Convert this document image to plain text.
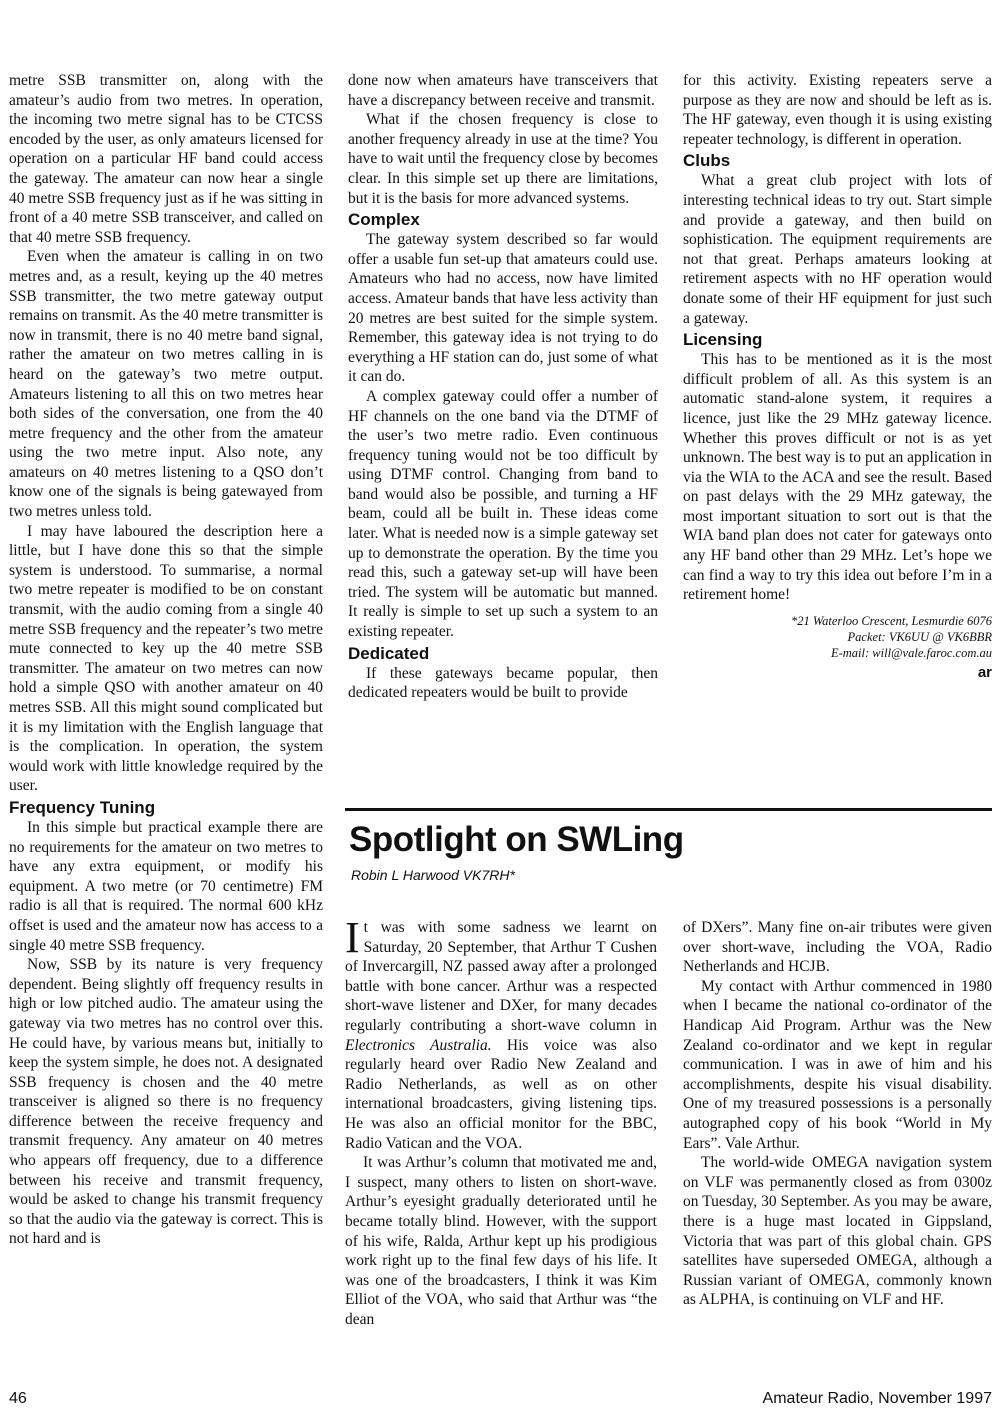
metre SSB transmitter on, along with the amateur’s audio from two metres. In operation, the incoming two metre signal has to be CTCSS encoded by the user, as only amateurs licensed for operation on a particular HF band could access the gateway. The amateur can now hear a single 40 metre SSB frequency just as if he was sitting in front of a 40 metre SSB transceiver, and called on that 40 metre SSB frequency.

Even when the amateur is calling in on two metres and, as a result, keying up the 40 metres SSB transmitter, the two metre gateway output remains on transmit. As the 40 metre transmitter is now in transmit, there is no 40 metre band signal, rather the amateur on two metres calling in is heard on the gateway’s two metre output. Amateurs listening to all this on two metres hear both sides of the conversation, one from the 40 metre frequency and the other from the amateur using the two metre input. Also note, any amateurs on 40 metres listening to a QSO don’t know one of the signals is being gatewayed from two metres unless told.

I may have laboured the description here a little, but I have done this so that the simple system is understood. To summarise, a normal two metre repeater is modified to be on constant transmit, with the audio coming from a single 40 metre SSB frequency and the repeater’s two metre mute connected to key up the 40 metre SSB transmitter. The amateur on two metres can now hold a simple QSO with another amateur on 40 metres SSB. All this might sound complicated but it is my limitation with the English language that is the complication. In operation, the system would work with little knowledge required by the user.

Frequency Tuning

In this simple but practical example there are no requirements for the amateur on two metres to have any extra equipment, or modify his equipment. A two metre (or 70 centimetre) FM radio is all that is required. The normal 600 kHz offset is used and the amateur now has access to a single 40 metre SSB frequency.

Now, SSB by its nature is very frequency dependent. Being slightly off frequency results in high or low pitched audio. The amateur using the gateway via two metres has no control over this. He could have, by various means but, initially to keep the system simple, he does not. A designated SSB frequency is chosen and the 40 metre transceiver is aligned so there is no frequency difference between the receive frequency and transmit frequency. Any amateur on 40 metres who appears off frequency, due to a difference between his receive and transmit frequency, would be asked to change his transmit frequency so that the audio via the gateway is correct. This is not hard and is

done now when amateurs have transceivers that have a discrepancy between receive and transmit.

What if the chosen frequency is close to another frequency already in use at the time? You have to wait until the frequency close by becomes clear. In this simple set up there are limitations, but it is the basis for more advanced systems.

Complex

The gateway system described so far would offer a usable fun set-up that amateurs could use. Amateurs who had no access, now have limited access. Amateur bands that have less activity than 20 metres are best suited for the simple system. Remember, this gateway idea is not trying to do everything a HF station can do, just some of what it can do.

A complex gateway could offer a number of HF channels on the one band via the DTMF of the user’s two metre radio. Even continuous frequency tuning would not be too difficult by using DTMF control. Changing from band to band would also be possible, and turning a HF beam, could all be built in. These ideas come later. What is needed now is a simple gateway set up to demonstrate the operation. By the time you read this, such a gateway set-up will have been tried. The system will be automatic but manned. It really is simple to set up such a system to an existing repeater.

Dedicated

If these gateways became popular, then dedicated repeaters would be built to provide

for this activity. Existing repeaters serve a purpose as they are now and should be left as is. The HF gateway, even though it is using existing repeater technology, is different in operation.

Clubs

What a great club project with lots of interesting technical ideas to try out. Start simple and provide a gateway, and then build on sophistication. The equipment requirements are not that great. Perhaps amateurs looking at retirement aspects with no HF operation would donate some of their HF equipment for just such a gateway.

Licensing

This has to be mentioned as it is the most difficult problem of all. As this system is an automatic stand-alone system, it requires a licence, just like the 29 MHz gateway licence. Whether this proves difficult or not is as yet unknown. The best way is to put an application in via the WIA to the ACA and see the result. Based on past delays with the 29 MHz gateway, the most important situation to sort out is that the WIA band plan does not cater for gateways onto any HF band other than 29 MHz. Let’s hope we can find a way to try this ideа out before I’m in a retirement home!

*21 Waterloo Crescent, Lesmurdie 6076
Packet: VK6UU @ VK6BBR
E-mail: will@vale.faroc.com.au
ar
Spotlight on SWLing
Robin L Harwood VK7RH*

It was with some sadness we learnt on Saturday, 20 September, that Arthur T Cushen of Invercargill, NZ passed away after a prolonged battle with bone cancer. Arthur was a respected short-wave listener and DXer, for many decades regularly contributing a short-wave column in Electronics Australia. His voice was also regularly heard over Radio New Zealand and Radio Netherlands, as well as on other international broadcasters, giving listening tips. He was also an official monitor for the BBC, Radio Vatican and the VOA.

It was Arthur’s column that motivated me and, I suspect, many others to listen on short-wave. Arthur’s eyesight gradually deteriorated until he became totally blind. However, with the support of his wife, Ralda, Arthur kept up his prodigious work right up to the final few days of his life. It was one of the broadcasters, I think it was Kim Elliot of the VOA, who said that Arthur was “the dean

of DXers”. Many fine on-air tributes were given over short-wave, including the VOA, Radio Netherlands and HCJB.

My contact with Arthur commenced in 1980 when I became the national co-ordinator of the Handicap Aid Program. Arthur was the New Zealand co-ordinator and we kept in regular communication. I was in awe of him and his accomplishments, despite his visual disability. One of my treasured possessions is a personally autographed copy of his book “World in My Ears”. Vale Arthur.

The world-wide OMEGA navigation system on VLF was permanently closed as from 0300z on Tuesday, 30 September. As you may be aware, there is a huge mast located in Gippsland, Victoria that was part of this global chain. GPS satellites have superseded OMEGA, although a Russian variant of OMEGA, commonly known as ALPHA, is continuing on VLF and HF.

46	Amateur Radio, November 1997
